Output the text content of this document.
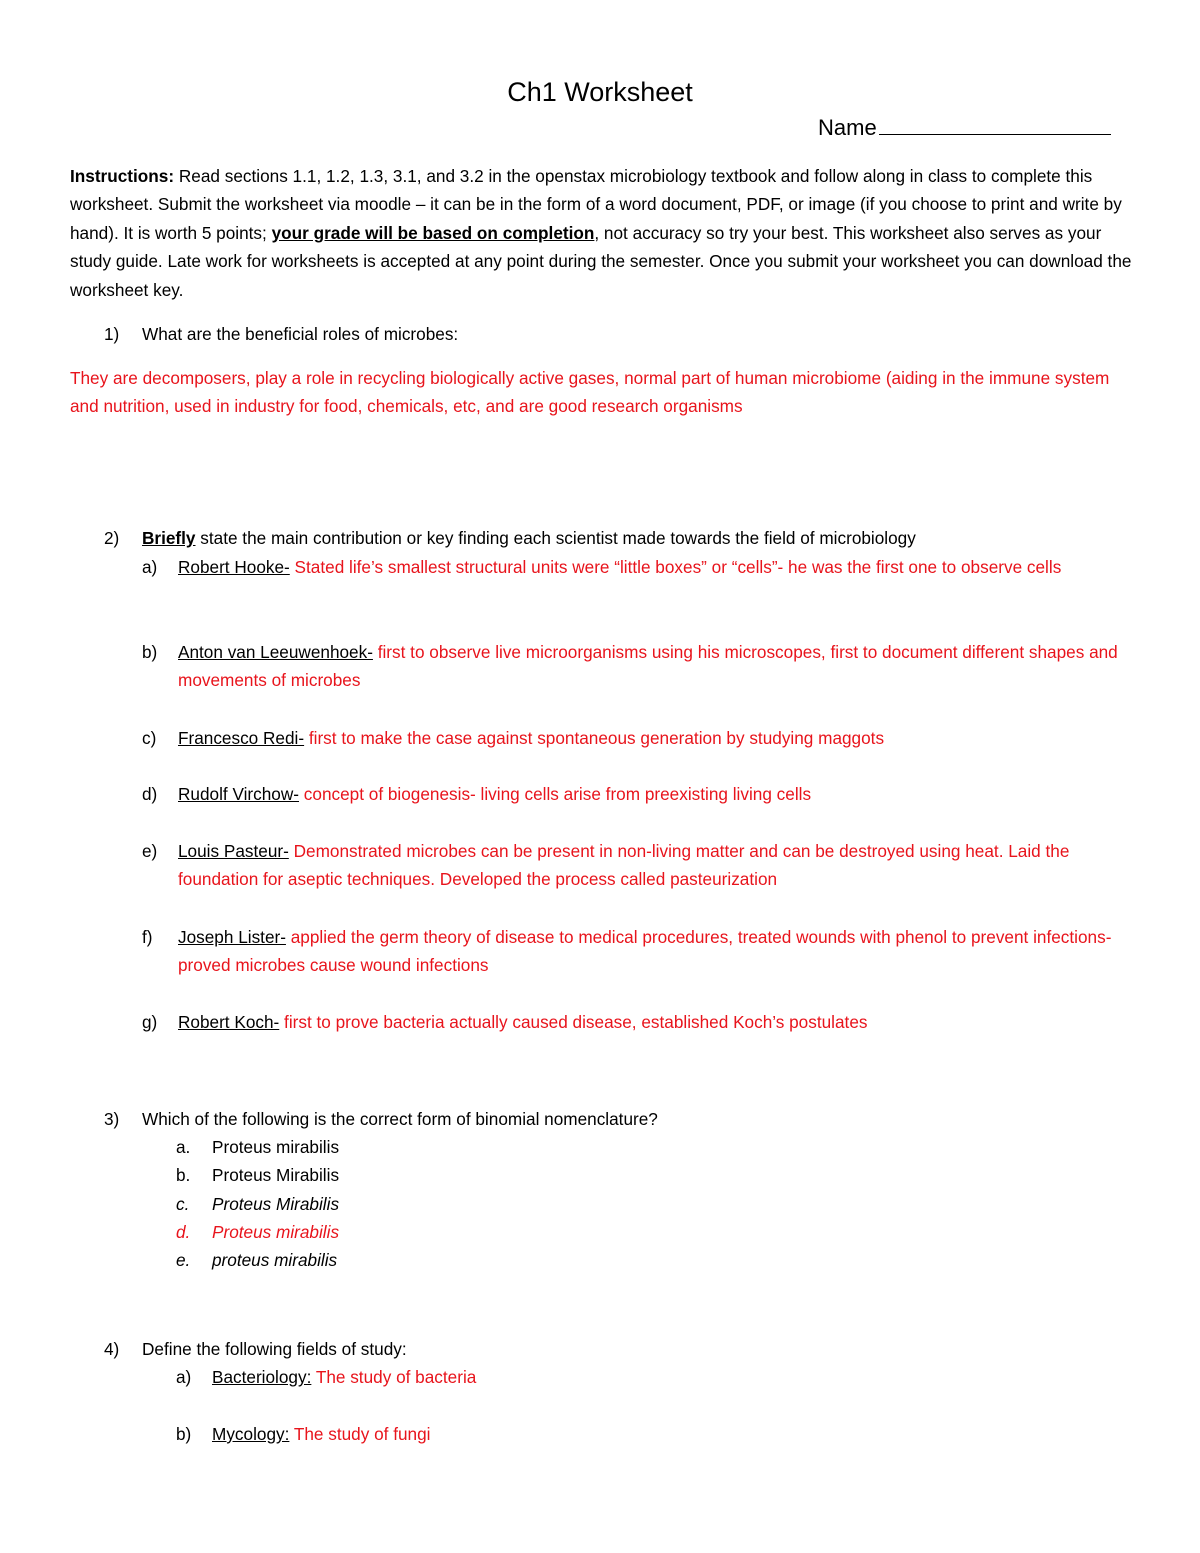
Ch1 Worksheet
Name
Instructions: Read sections 1.1, 1.2, 1.3, 3.1, and 3.2 in the openstax microbiology textbook and follow along in class to complete this worksheet. Submit the worksheet via moodle – it can be in the form of a word document, PDF, or image (if you choose to print and write by hand). It is worth 5 points; your grade will be based on completion, not accuracy so try your best. This worksheet also serves as your study guide. Late work for worksheets is accepted at any point during the semester. Once you submit your worksheet you can download the worksheet key.
1)	What are the beneficial roles of microbes:
They are decomposers, play a role in recycling biologically active gases, normal part of human microbiome (aiding in the immune system and nutrition, used in industry for food, chemicals, etc, and are good research organisms
2)	Briefly state the main contribution or key finding each scientist made towards the field of microbiology
a)	Robert Hooke- Stated life’s smallest structural units were “little boxes” or “cells”- he was the first one to observe cells
b)	Anton van Leeuwenhoek- first to observe live microorganisms using his microscopes, first to document different shapes and movements of microbes
c)	Francesco Redi- first to make the case against spontaneous generation by studying maggots
d)	Rudolf Virchow- concept of biogenesis- living cells arise from preexisting living cells
e)	Louis Pasteur- Demonstrated microbes can be present in non-living matter and can be destroyed using heat. Laid the foundation for aseptic techniques. Developed the process called pasteurization
f)	Joseph Lister- applied the germ theory of disease to medical procedures, treated wounds with phenol to prevent infections- proved microbes cause wound infections
g)	Robert Koch- first to prove bacteria actually caused disease, established Koch’s postulates
3)	Which of the following is the correct form of binomial nomenclature?
a.	Proteus mirabilis
b.	Proteus Mirabilis
c.	Proteus Mirabilis
d.	Proteus mirabilis
e.	proteus mirabilis
4)	Define the following fields of study:
a)	Bacteriology: The study of bacteria
b)	Mycology: The study of fungi
